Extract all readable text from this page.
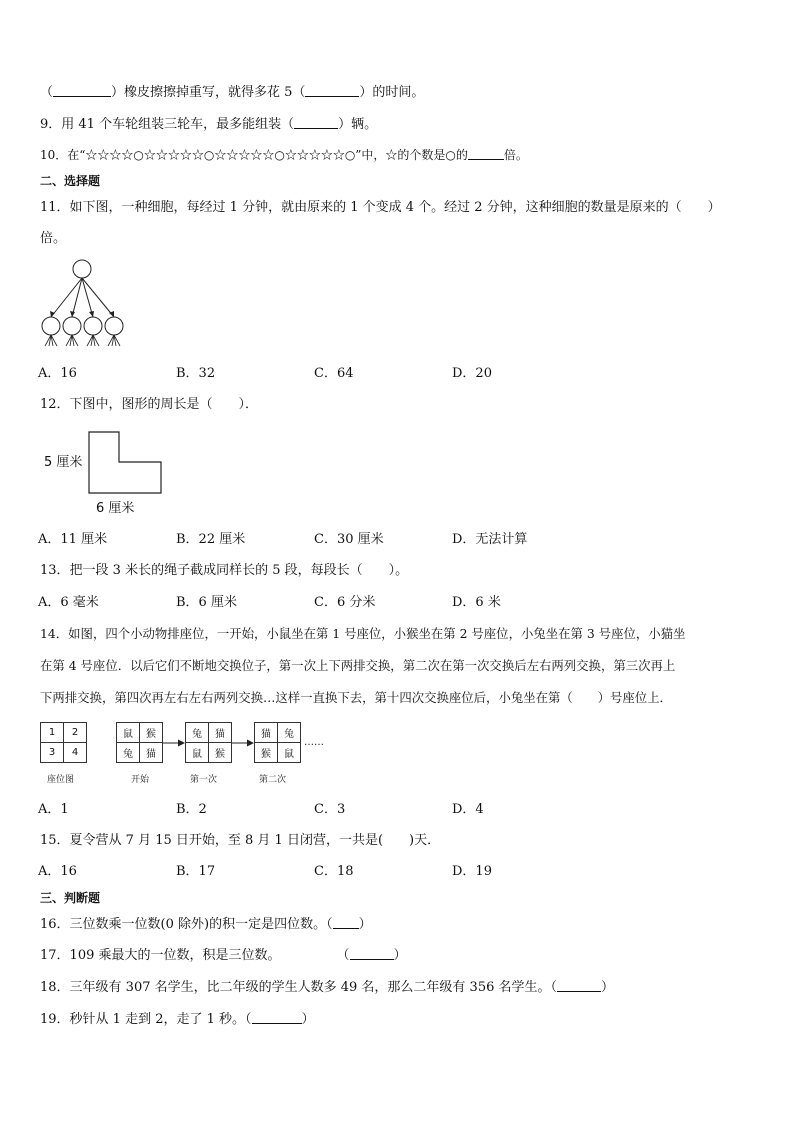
（	）橡皮擦擦掉重写，就得多花 5（	）的时间。
9．用 41 个车轮组装三轮车，最多能组装（	）辆。
10．在“☆☆☆☆○☆☆☆☆☆○☆☆☆☆☆○☆☆☆☆☆○”中，☆的个数是○的	倍。
二、选择题
11．如下图，一种细胞，每经过 1 分钟，就由原来的 1 个变成 4 个。经过 2 分钟，这种细胞的数量是原来的（　　）
倍。
A．16	B．32	C．64	D．20
12．下图中，图形的周长是（　　）．
5 厘米
6 厘米
A．11 厘米	B．22 厘米	C．30 厘米	D．无法计算
13．把一段 3 米长的绳子截成同样长的 5 段，每段长（　　）。
A．6 毫米	B．6 厘米	C．6 分米	D．6 米
14．如图，四个小动物排座位，一开始，小鼠坐在第 1 号座位，小猴坐在第 2 号座位，小兔坐在第 3 号座位，小猫坐
在第 4 号座位．以后它们不断地交换位子，第一次上下两排交换，第二次在第一次交换后左右两列交换，第三次再上
下两排交换，第四次再左右左右两列交换…这样一直换下去，第十四次交换座位后，小兔坐在第（　　）号座位上．
1	2
3	4
座位图
鼠	猴
兔	猫
开始
兔	猫
鼠	猴
第一次
猫	兔
猴	鼠
第二次
……
A．1	B．2	C．3	D．4
15．夏令营从 7 月 15 日开始，至 8 月 1 日闭营，一共是(　　)天．
A．16	B．17	C．18	D．19
三、判断题
16．三位数乘一位数(0 除外)的积一定是四位数。（ ）
17．109 乘最大的一位数，积是三位数。	（	）
18．三年级有 307 名学生，比二年级的学生人数多 49 名，那么二年级有 356 名学生。（	）
19．秒针从 1 走到 2，走了 1 秒。（	）
